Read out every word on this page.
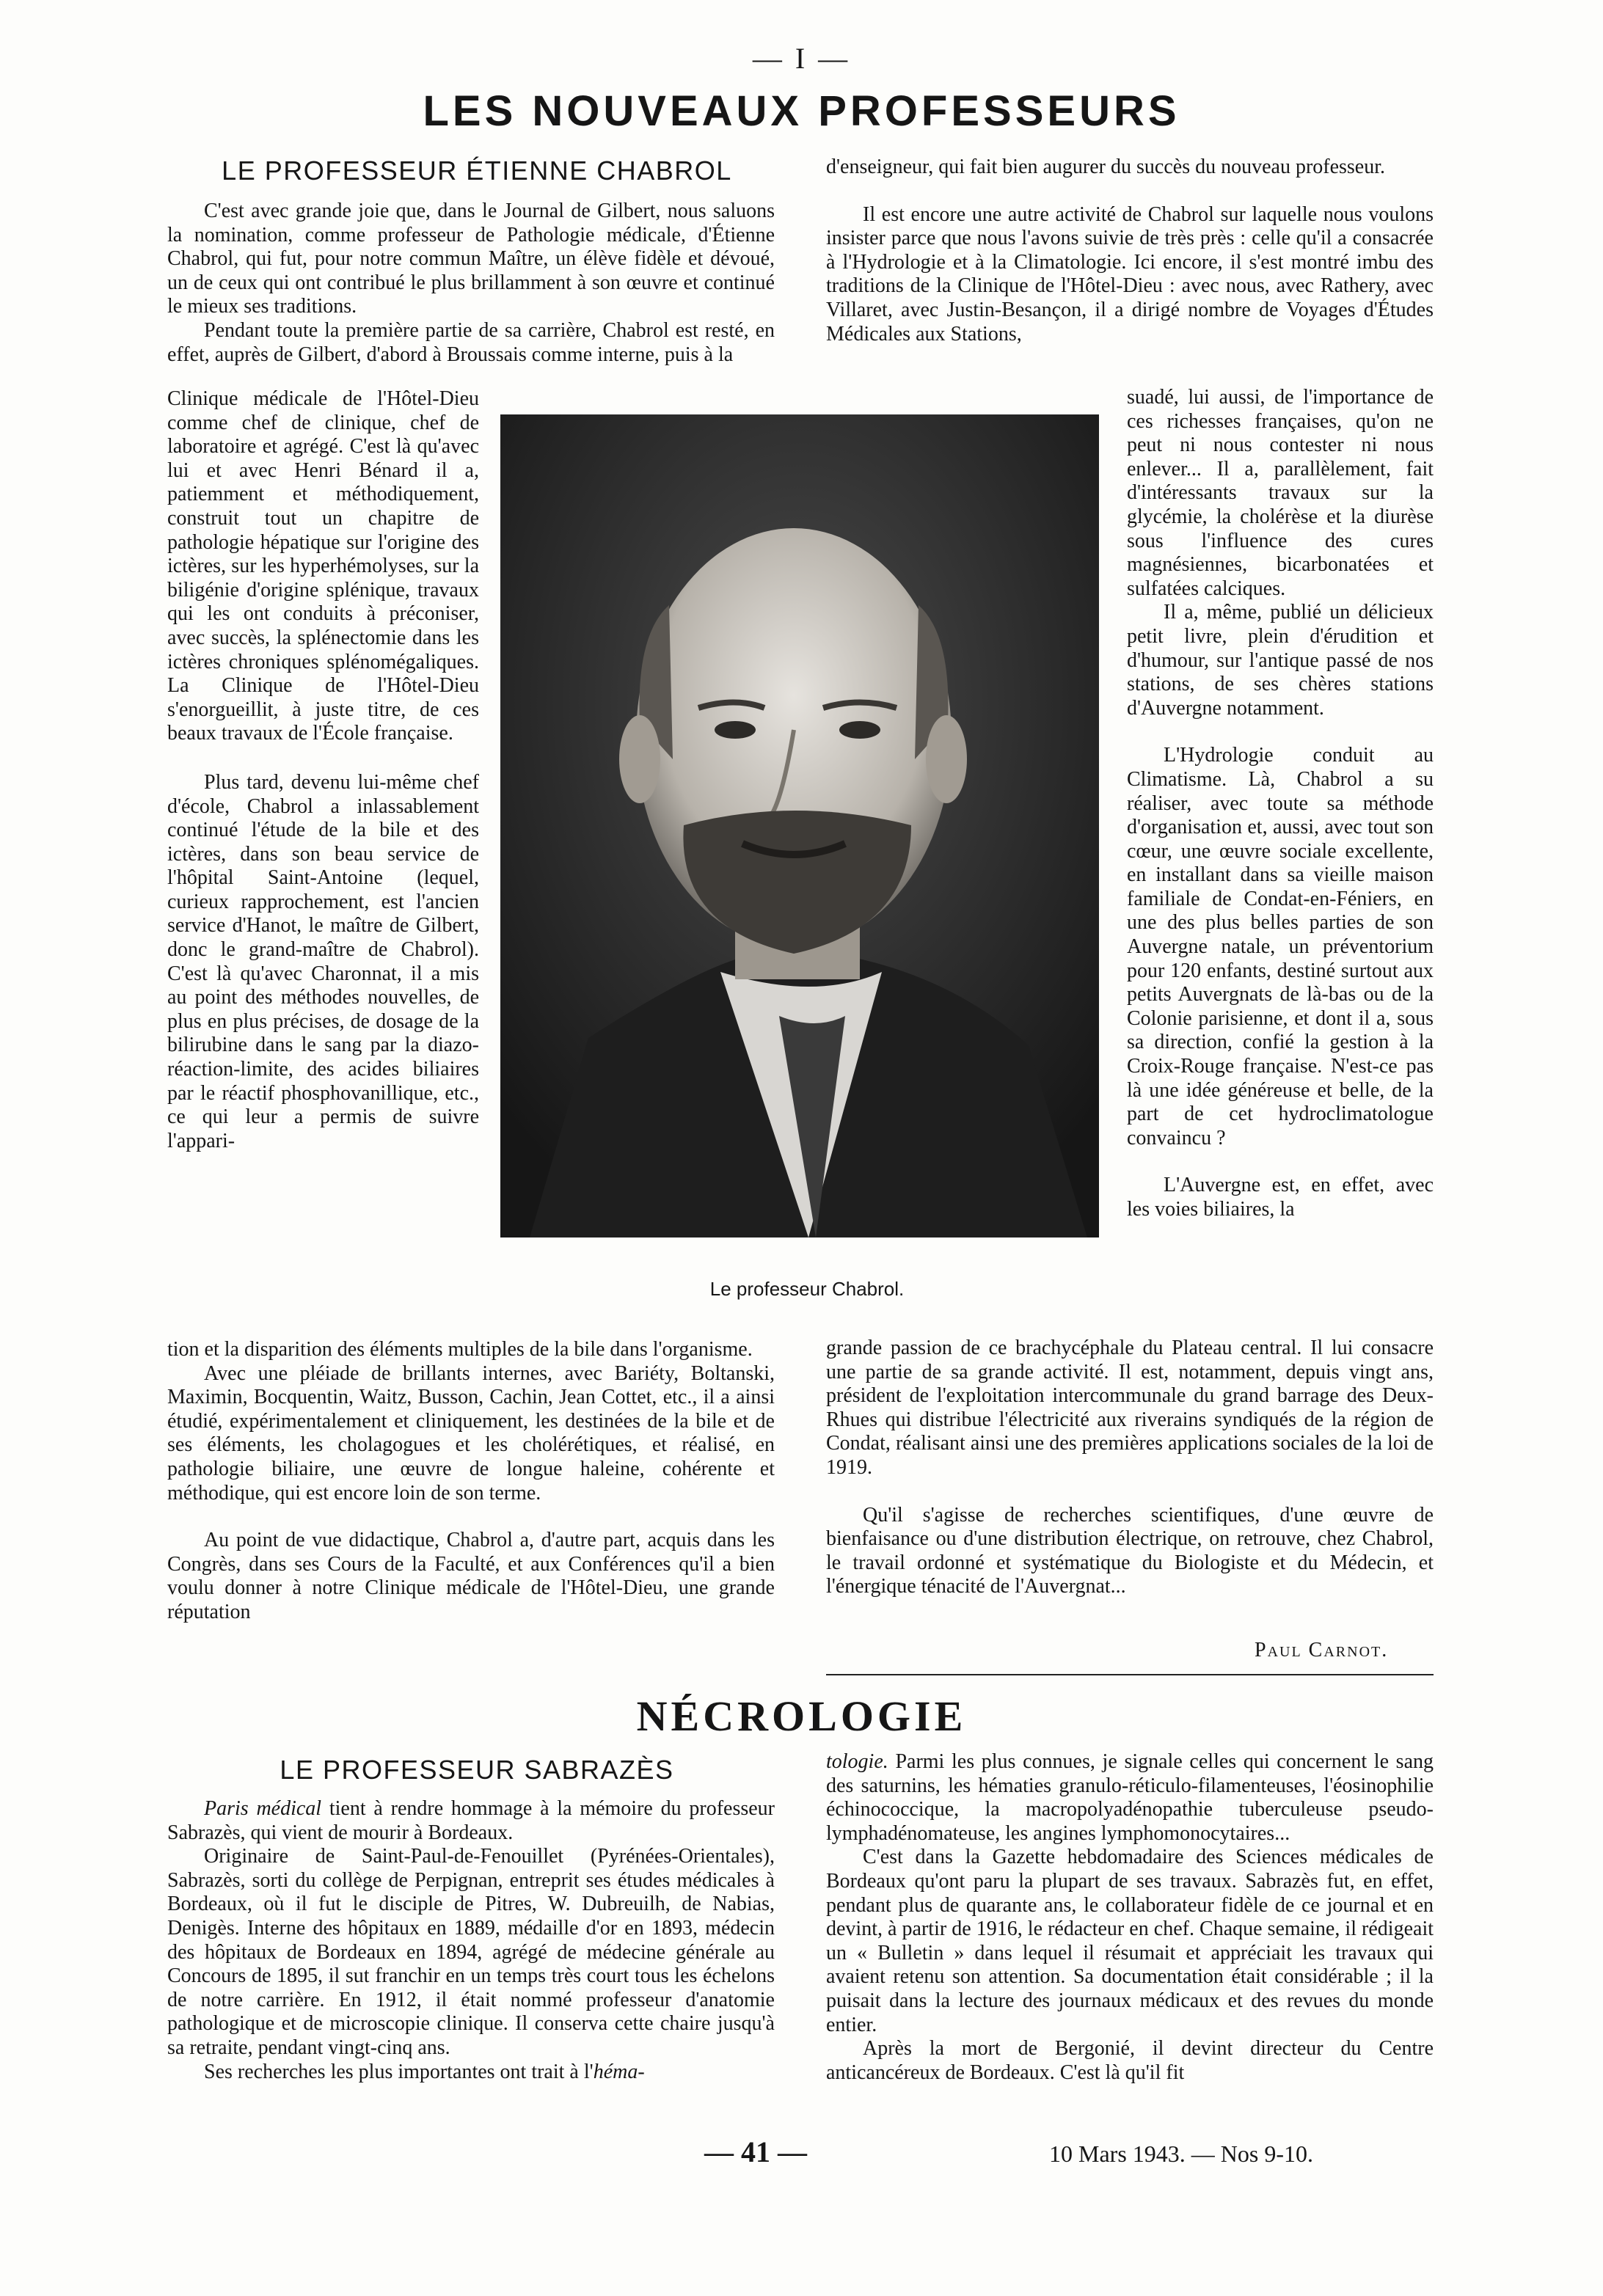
— I —
LES NOUVEAUX PROFESSEURS
LE PROFESSEUR ÉTIENNE CHABROL

C'est avec grande joie que, dans le Journal de Gilbert, nous saluons la nomination, comme professeur de Pathologie médicale, d'Étienne Chabrol, qui fut, pour notre commun Maître, un élève fidèle et dévoué, un de ceux qui ont contribué le plus brillamment à son œuvre et continué le mieux ses traditions.

Pendant toute la première partie de sa carrière, Chabrol est resté, en effet, auprès de Gilbert, d'abord à Broussais comme interne, puis à la

Clinique médicale de l'Hôtel-Dieu comme chef de clinique, chef de laboratoire et agrégé. C'est là qu'avec lui et avec Henri Bénard il a, patiemment et méthodiquement, construit tout un chapitre de pathologie hépatique sur l'origine des ictères, sur les hyperhémolyses, sur la biligénie d'origine splénique, travaux qui les ont conduits à préconiser, avec succès, la splénectomie dans les ictères chroniques splénomégaliques. La Clinique de l'Hôtel-Dieu s'enorgueillit, à juste titre, de ces beaux travaux de l'École française.

Plus tard, devenu lui-même chef d'école, Chabrol a inlassablement continué l'étude de la bile et des ictères, dans son beau service de l'hôpital Saint-Antoine (lequel, curieux rapprochement, est l'ancien service d'Hanot, le maître de Gilbert, donc le grand-maître de Chabrol). C'est là qu'avec Charonnat, il a mis au point des méthodes nouvelles, de plus en plus précises, de dosage de la bilirubine dans le sang par la diazo-réaction-limite, des acides biliaires par le réactif phosphovanillique, etc., ce qui leur a permis de suivre l'appari-

tion et la disparition des éléments multiples de la bile dans l'organisme.

Avec une pléiade de brillants internes, avec Bariéty, Boltanski, Maximin, Bocquentin, Waitz, Busson, Cachin, Jean Cottet, etc., il a ainsi étudié, expérimentalement et cliniquement, les destinées de la bile et de ses éléments, les cholagogues et les cholérétiques, et réalisé, en pathologie biliaire, une œuvre de longue haleine, cohérente et méthodique, qui est encore loin de son terme.

Au point de vue didactique, Chabrol a, d'autre part, acquis dans les Congrès, dans ses Cours de la Faculté, et aux Conférences qu'il a bien voulu donner à notre Clinique médicale de l'Hôtel-Dieu, une grande réputation

Le professeur Chabrol.

d'enseigneur, qui fait bien augurer du succès du nouveau professeur.

Il est encore une autre activité de Chabrol sur laquelle nous voulons insister parce que nous l'avons suivie de très près : celle qu'il a consacrée à l'Hydrologie et à la Climatologie. Ici encore, il s'est montré imbu des traditions de la Clinique de l'Hôtel-Dieu : avec nous, avec Rathery, avec Villaret, avec Justin-Besançon, il a dirigé nombre de Voyages d'Études Médicales aux Stations,

suadé, lui aussi, de l'importance de ces richesses françaises, qu'on ne peut ni nous contester ni nous enlever... Il a, parallèlement, fait d'intéressants travaux sur la glycémie, la cholérèse et la diurèse sous l'influence des cures magnésiennes, bicarbonatées et sulfatées calciques.

Il a, même, publié un délicieux petit livre, plein d'érudition et d'humour, sur l'antique passé de nos stations, de ses chères stations d'Auvergne notamment.

L'Hydrologie conduit au Climatisme. Là, Chabrol a su réaliser, avec toute sa méthode d'organisation et, aussi, avec tout son cœur, une œuvre sociale excellente, en installant dans sa vieille maison familiale de Condat-en-Féniers, en une des plus belles parties de son Auvergne natale, un préventorium pour 120 enfants, destiné surtout aux petits Auvergnats de là-bas ou de la Colonie parisienne, et dont il a, sous sa direction, confié la gestion à la Croix-Rouge française. N'est-ce pas là une idée généreuse et belle, de la part de cet hydroclimatologue convaincu ?

L'Auvergne est, en effet, avec les voies biliaires, la

grande passion de ce brachycéphale du Plateau central. Il lui consacre une partie de sa grande activité. Il est, notamment, depuis vingt ans, président de l'exploitation intercommunale du grand barrage des Deux-Rhues qui distribue l'électricité aux riverains syndiqués de la région de Condat, réalisant ainsi une des premières applications sociales de la loi de 1919.

Qu'il s'agisse de recherches scientifiques, d'une œuvre de bienfaisance ou d'une distribution électrique, on retrouve, chez Chabrol, le travail ordonné et systématique du Biologiste et du Médecin, et l'énergique ténacité de l'Auvergnat...

Paul Carnot.
NÉCROLOGIE
LE PROFESSEUR SABRAZÈS

Paris médical tient à rendre hommage à la mémoire du professeur Sabrazès, qui vient de mourir à Bordeaux.

Originaire de Saint-Paul-de-Fenouillet (Pyrénées-Orientales), Sabrazès, sorti du collège de Perpignan, entreprit ses études médicales à Bordeaux, où il fut le disciple de Pitres, W. Dubreuilh, de Nabias, Denigès. Interne des hôpitaux en 1889, médaille d'or en 1893, médecin des hôpitaux de Bordeaux en 1894, agrégé de médecine générale au Concours de 1895, il sut franchir en un temps très court tous les échelons de notre carrière. En 1912, il était nommé professeur d'anatomie pathologique et de microscopie clinique. Il conserva cette chaire jusqu'à sa retraite, pendant vingt-cinq ans.

Ses recherches les plus importantes ont trait à l'héma-

tologie. Parmi les plus connues, je signale celles qui concernent le sang des saturnins, les hématies granulo-réticulo-filamenteuses, l'éosinophilie échinococcique, la macropolyadénopathie tuberculeuse pseudo-lymphadénomateuse, les angines lymphomonocytaires...

C'est dans la Gazette hebdomadaire des Sciences médicales de Bordeaux qu'ont paru la plupart de ses travaux. Sabrazès fut, en effet, pendant plus de quarante ans, le collaborateur fidèle de ce journal et en devint, à partir de 1916, le rédacteur en chef. Chaque semaine, il rédigeait un « Bulletin » dans lequel il résumait et appréciait les travaux qui avaient retenu son attention. Sa documentation était considérable ; il la puisait dans la lecture des journaux médicaux et des revues du monde entier.

Après la mort de Bergonié, il devint directeur du Centre anticancéreux de Bordeaux. C'est là qu'il fit

— 41 —	10 Mars 1943. — Nos 9-10.
